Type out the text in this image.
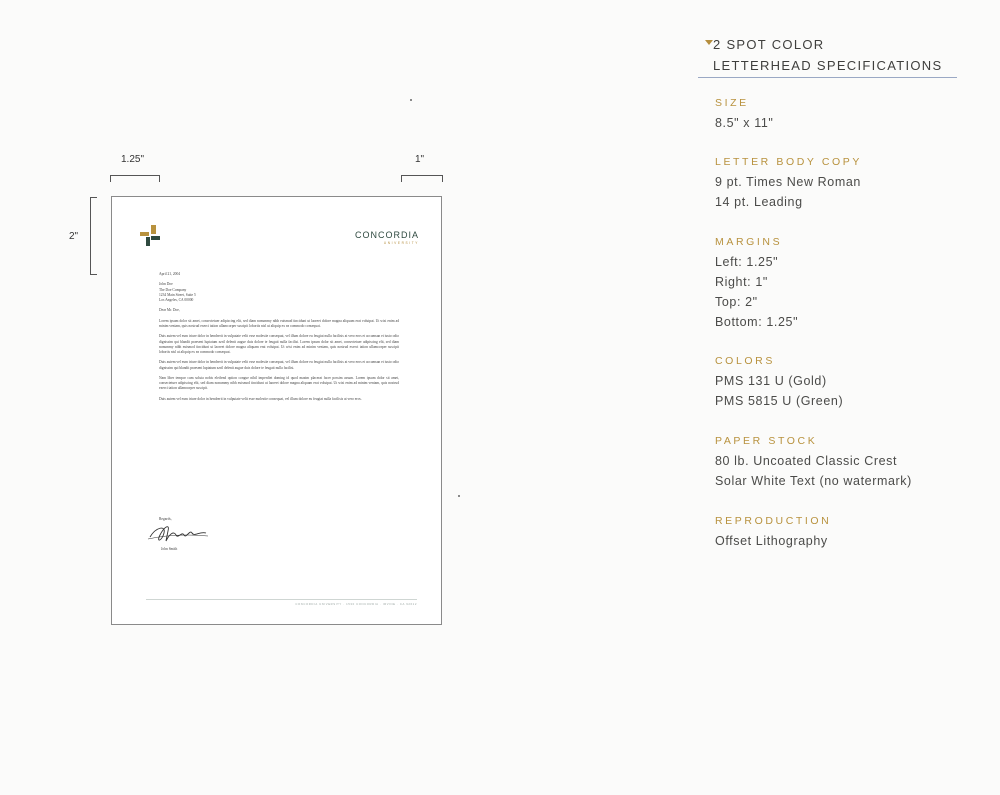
1.25"	1"
2"	CONCORDIA
UNIVERSITY
April 21, 2004
John Doe
The Doe Company
1234 Main Street, Suite 5
Los Angeles, CA 00000
Dear Mr. Doe,
Lorem ipsum dolor sit amet, consectetuer adipiscing elit, sed diam nonummy nibh euismod tincidunt ut laoreet dolore magna aliquam erat volutpat. Ut wisi enim ad minim veniam, quis nostrud exerci tation ullamcorper suscipit lobortis nisl ut aliquip ex ea commodo consequat.
Duis autem vel eum iriure dolor in hendrerit in vulputate velit esse molestie consequat, vel illum dolore eu feugiat nulla facilisis at vero eros et accumsan et iusto odio dignissim qui blandit praesent luptatum zzril delenit augue duis dolore te feugait nulla facilisi. Lorem ipsum dolor sit amet, consectetuer adipiscing elit, sed diam nonummy nibh euismod tincidunt ut laoreet dolore magna aliquam erat volutpat. Ut wisi enim ad minim veniam, quis nostrud exerci tation ullamcorper suscipit lobortis nisl ut aliquip ex ea commodo consequat.
Duis autem vel eum iriure dolor in hendrerit in vulputate velit esse molestie consequat, vel illum dolore eu feugiat nulla facilisis at vero eros et accumsan et iusto odio dignissim qui blandit praesent luptatum zzril delenit augue duis dolore te feugait nulla facilisi.
Nam liber tempor cum soluta nobis eleifend option congue nihil imperdiet doming id quod mazim placerat facer possim assum. Lorem ipsum dolor sit amet, consectetuer adipiscing elit, sed diam nonummy nibh euismod tincidunt ut laoreet dolore magna aliquam erat volutpat. Ut wisi enim ad minim veniam, quis nostrud exerci tation ullamcorper suscipit.
Duis autem vel eum iriure dolor in hendrerit in vulputate velit esse molestie consequat, vel illum dolore eu feugiat nulla facilisis at vero eros.
Regards,
John Smith
CONCORDIA UNIVERSITY · 1530 CONCORDIA · IRVINE · CA 92612
2 SPOT COLOR
LETTERHEAD SPECIFICATIONS
SIZE
8.5" x 11"
LETTER BODY COPY
9 pt. Times New Roman
14 pt. Leading
MARGINS
Left: 1.25"
Right: 1"
Top: 2"
Bottom: 1.25"
COLORS
PMS 131 U (Gold)
PMS 5815 U (Green)
PAPER STOCK
80 lb. Uncoated Classic Crest
Solar White Text (no watermark)
REPRODUCTION
Offset Lithography
